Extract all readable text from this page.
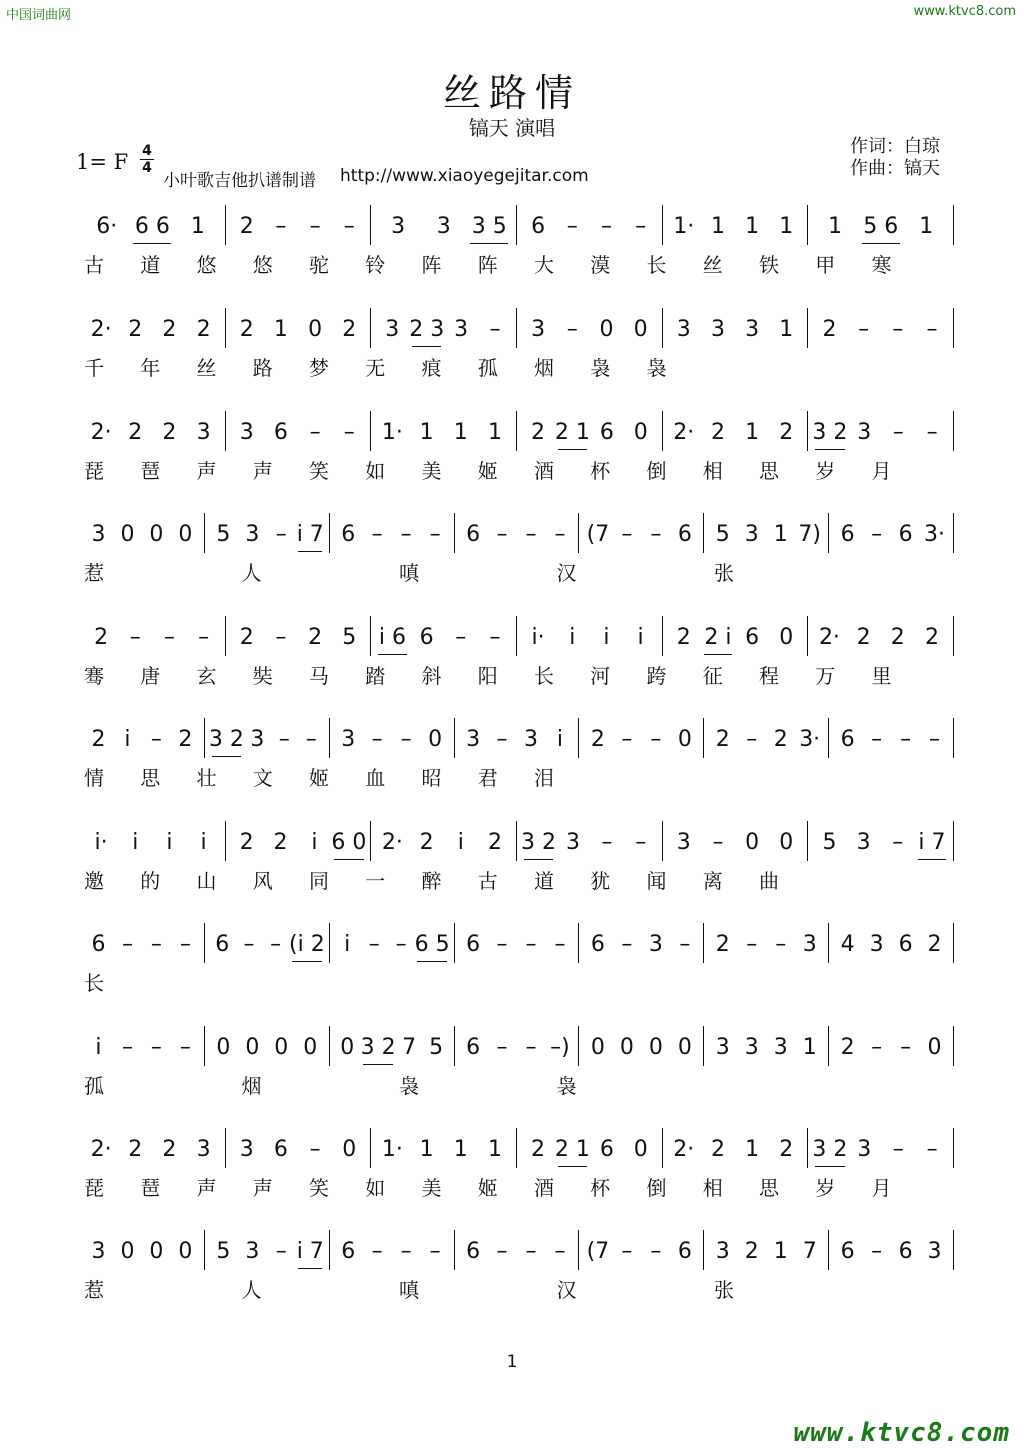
中国词曲网	www.ktvc8.com
丝路情
镐天 演唱
作词：白琼
作曲：镐天
1= F 4
4
小叶歌吉他扒谱制谱 http://www.xiaoyegejitar.com
6· 6 6 1	2 –	–	–	3	3 3 5	6 –	–	–	1· 1 1 1	1 5 6 1
古 道 悠 悠 驼 铃 阵 阵 大 漠 长 丝 铁 甲 寒
2· 2 2 2	2 1 0 2	3 2 3 3 –	3 – 0 0	3 3 3 1	2 –	–	–
千 年 丝 路 梦 无 痕 孤 烟 袅 袅
2· 2 2 3	3 6 –	–	1· 1 1 1	2 2 1 6 0	2· 2 1 2 3 2 3 –	–
琵 琶 声 声 笑 如 美 姬 酒 杯 倒 相 思 岁 月
3 0 0 0	5 3 – i 7 6 – – –	6 – – – (7 – – 6	5 3 1 7) 6 – 6 3·
惹	人	嗔	汉	张
2 –	–	–	2 – 2 5	i 6 6 –	–	i·	i	i	i	2 2 i 6 0	2· 2 2 2
骞 唐 玄 奘 马 踏 斜 阳 长 河 跨 征 程 万 里
2 i – 2 3 2 3 – –	3 – – 0	3 – 3 i	2 – – 0	2 – 2 3· 6 – – –
情 思 壮 文 姬 血 昭 君 泪
i·	i	i	i	2 2	i 6 0 2· 2	i	2 3 2 3 –	–	3 – 0 0	5 3 – i 7
邀 的 山 风 同 一 醉 古 道 犹 闻 离 曲
6 – – –	6 – – (i 2 i – – 6 5 6 – – –	6 – 3 –	2 – – 3	4 3 6 2
长
i – – –	0 0 0 0	0 3 2 7 5	6 – – –) 0 0 0 0	3 3 3 1	2 – – 0
孤	烟	袅	袅
2· 2 2 3	3 6 – 0	1· 1 1 1	2 2 1 6 0	2· 2 1 2 3 2 3 –	–
琵 琶 声 声 笑 如 美 姬 酒 杯 倒 相 思 岁 月
3 0 0 0	5 3 – i 7 6 – – –	6 – – – (7 – – 6	3 2 1 7	6 – 6 3
惹	人	嗔	汉	张
1
www.ktvc8.com
